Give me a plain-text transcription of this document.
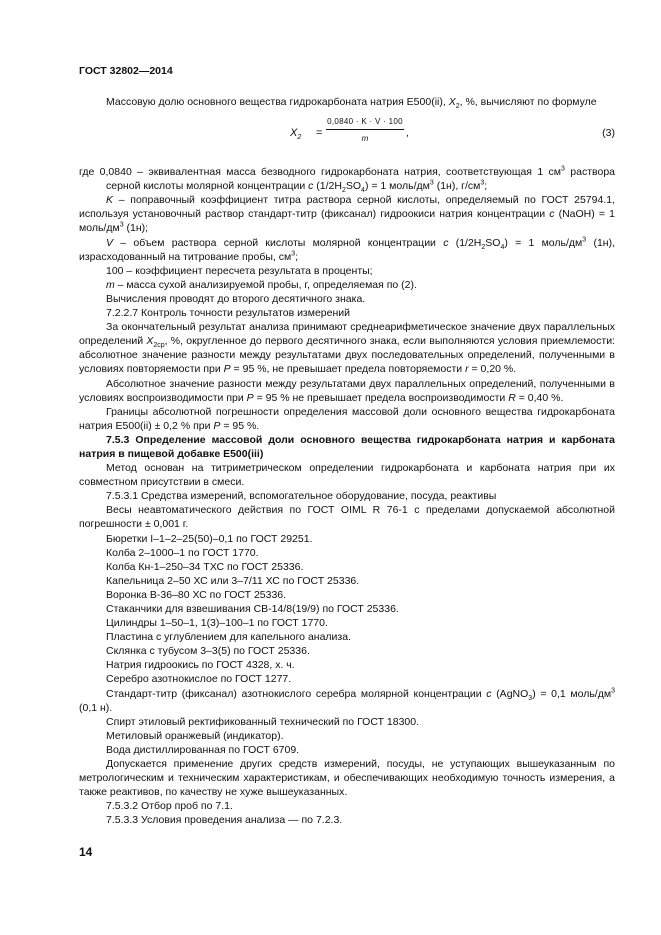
ГОСТ 32802—2014

Массовую долю основного вещества гидрокарбоната натрия Е500(ii), $X_2$, %, вычисляют по формуле

$X_2 = \frac{0,0840 \cdot K \cdot V \cdot 100}{m}$ ,	(3)

где 0,0840 – эквивалентная масса безводного гидрокарбоната натрия, соответствующая 1 $см^3$ раствора серной кислоты молярной концентрации c $(1/2H_2SO_4) = 1$ моль/$дм^3$ (1н), $г/см^3$;

K – поправочный коэффициент титра раствора серной кислоты, определяемый по ГОСТ 25794.1, используя установочный раствор стандарт-титр (фиксанал) гидроокиси натрия концентрации c (NaOH) = 1 моль/$дм^3$ (1н);

V – объем раствора серной кислоты молярной концентрации c $(1/2H_2SO_4) = 1$ моль/$дм^3$ (1н), израсходованный на титрование пробы, $см^3$;

100 – коэффициент пересчета результата в проценты;

m – масса сухой анализируемой пробы, г, определяемая по (2).

Вычисления проводят до второго десятичного знака.

7.2.2.7 Контроль точности результатов измерений

За окончательный результат анализа принимают среднеарифметическое значение двух параллельных определений $X_{2ср}$, %, округленное до первого десятичного знака, если выполняются условия приемлемости: абсолютное значение разности между результатами двух последовательных определений, полученными в условиях повторяемости при P = 95 %, не превышает предела повторяемости r = 0,20 %.

Абсолютное значение разности между результатами двух параллельных определений, полученными в условиях воспроизводимости при P = 95 % не превышает предела воспроизводимости R = 0,40 %.

Границы абсолютной погрешности определения массовой доли основного вещества гидрокарбоната натрия Е500(ii) ± 0,2 % при P = 95 %.

7.5.3 Определение массовой доли основного вещества гидрокарбоната натрия и карбоната натрия в пищевой добавке Е500(iii)

Метод основан на титриметрическом определении гидрокарбоната и карбоната натрия при их совместном присутствии в смеси.

7.5.3.1 Средства измерений, вспомогательное оборудование, посуда, реактивы

Весы неавтоматического действия по ГОСТ OIML R 76-1 с пределами допускаемой абсолютной погрешности ± 0,001 г.

Бюретки I–1–2–25(50)–0,1 по ГОСТ 29251.

Колба 2–1000–1 по ГОСТ 1770.

Колба Кн-1–250–34 ТХС по ГОСТ 25336.

Капельница 2–50 ХС или 3–7/11 ХС по ГОСТ 25336.

Воронка В-36–80 ХС по ГОСТ 25336.

Стаканчики для взвешивания СВ-14/8(19/9) по ГОСТ 25336.

Цилиндры 1–50–1, 1(3)–100–1 по ГОСТ 1770.

Пластина с углублением для капельного анализа.

Склянка с тубусом 3–3(5) по ГОСТ 25336.

Натрия гидроокись по ГОСТ 4328, х. ч.

Серебро азотнокислое по ГОСТ 1277.

Стандарт-титр (фиксанал) азотнокислого серебра молярной концентрации c (AgNO$_3$) = 0,1 моль/$дм^3$ (0,1 н).

Спирт этиловый ректификованный технический по ГОСТ 18300.

Метиловый оранжевый (индикатор).

Вода дистиллированная по ГОСТ 6709.

Допускается применение других средств измерений, посуды, не уступающих вышеуказанным по метрологическим и техническим характеристикам, и обеспечивающих необходимую точность измерения, а также реактивов, по качеству не хуже вышеуказанных.

7.5.3.2 Отбор проб по 7.1.

7.5.3.3 Условия проведения анализа — по 7.2.3.

14
